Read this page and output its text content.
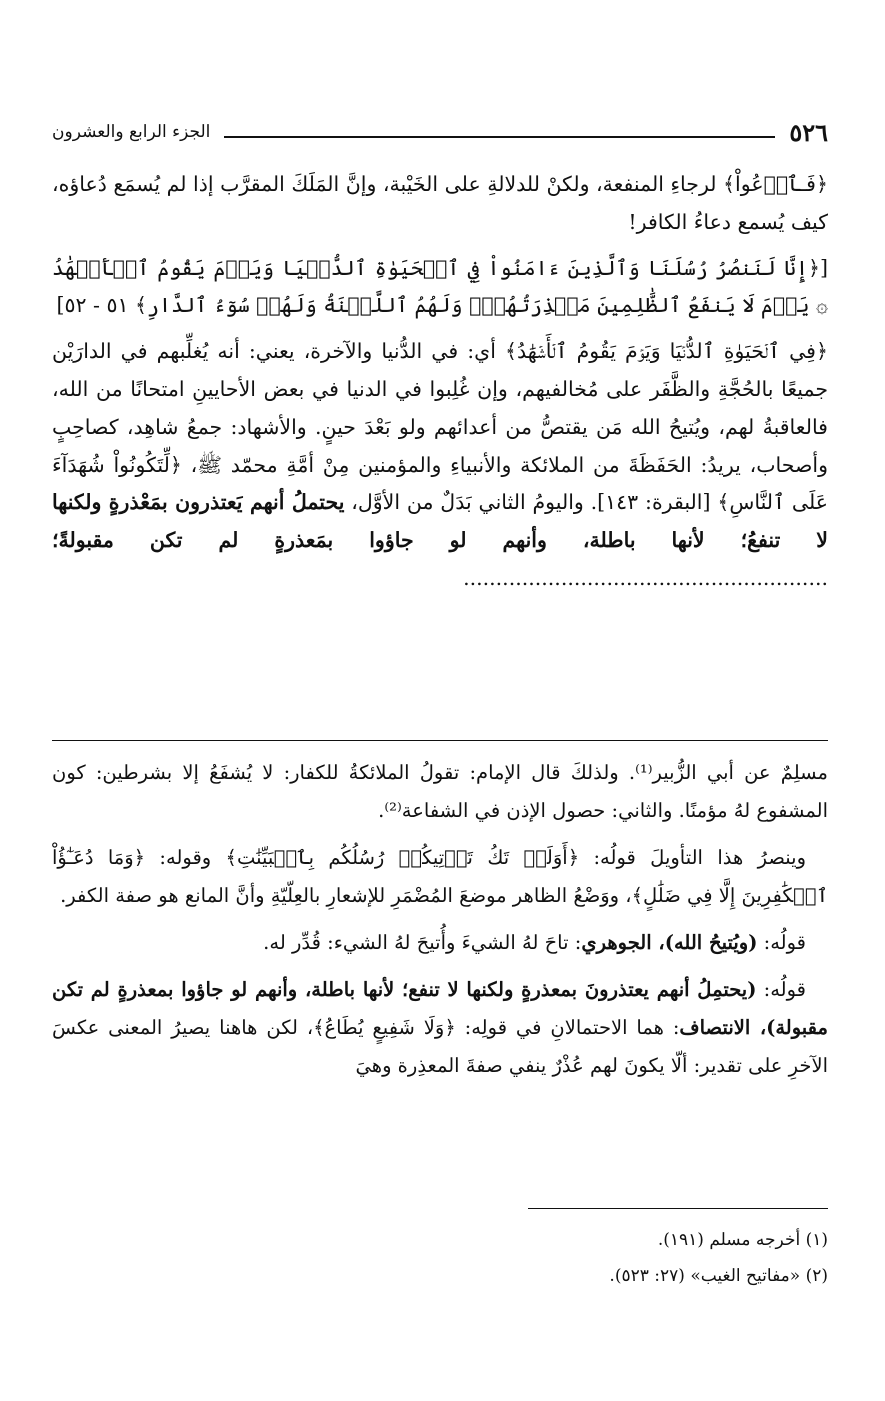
٥٢٦
الجزء الرابع والعشرون

﴿فَـٱدۡعُواْ﴾ لرجاءِ المنفعة، ولكنْ للدلالةِ على الخَيْبة، وإنَّ المَلَكَ المقرَّب إذا لم يُسمَع دُعاؤه، كيف يُسمع دعاءُ الكافر!

[﴿إِنَّا لَنَنصُرُ رُسُلَنَا وَٱلَّذِينَ ءَامَنُواْ فِي ٱلۡحَيَوٰةِ ٱلدُّنۡيَا وَيَوۡمَ يَقُومُ ٱلۡأَشۡهَٰدُ ۞ يَوۡمَ لَا يَنفَعُ ٱلظَّٰلِمِينَ مَعۡذِرَتُهُمۡۖ وَلَهُمُ ٱللَّعۡنَةُ وَلَهُمۡ سُوٓءُ ٱلدَّارِ﴾ ٥١ - ٥٢]

﴿فِي ٱلۡحَيَوٰةِ ٱلدُّنۡيَا وَيَوۡمَ يَقُومُ ٱلۡأَشۡهَٰدُ﴾ أي: في الدُّنيا والآخرة، يعني: أنه يُغلِّبهم في الدارَيْن جميعًا بالحُجَّةِ والظَّفَر على مُخالفيهم، وإن غُلِبوا في الدنيا في بعض الأحايينِ امتحانًا من الله، فالعاقبةُ لهم، ويُتيحُ الله مَن يقتصُّ من أعدائهم ولو بَعْدَ حينٍ. والأشهاد: جمعُ شاهِد، كصاحِبٍ وأصحاب، يريدُ: الحَفَظَةَ من الملائكة والأنبياءِ والمؤمنين مِنْ أمَّةِ محمّد ﷺ، ﴿لِّتَكُونُواْ شُهَدَآءَ عَلَى ٱلنَّاسِ﴾ [البقرة: ١٤٣]. واليومُ الثاني بَدَلٌ من الأوَّل، يحتملُ أنهم يَعتذرون بمَعْذرةٍ ولكنها لا تنفعُ؛ لأنها باطلة، وأنهم لو جاؤوا بمَعذرةٍ لم تكن مقبولةً؛ ........................................................

مسلِمٌ عن أبي الزُّبير⁽¹⁾. ولذلكَ قال الإمام: تقولُ الملائكةُ للكفار: لا يُشفَعُ إلا بشرطين: كون المشفوع لهُ مؤمنًا. والثاني: حصول الإذن في الشفاعة⁽²⁾.

وينصرُ هذا التأويلَ قولُه: ﴿أَوَلَمۡ تَكُ تَأۡتِيكُمۡ رُسُلُكُم بِٱلۡبَيِّنَٰتِ﴾ وقوله: ﴿وَمَا دُعَـٰٓؤُاْ ٱلۡكَٰفِرِينَ إِلَّا فِي ضَلَٰلٍ﴾، ووَضْعُ الظاهر موضعَ المُضْمَرِ للإشعارِ بالعِلّيّةِ وأنَّ المانع هو صفة الكفر.

قولُه: (ويُتيحُ الله)، الجوهري: تاحَ لهُ الشيءَ وأُتيحَ لهُ الشيء: قُدِّر له.

قولُه: (يحتمِلُ أنهم يعتذرونَ بمعذرةٍ ولكنها لا تنفع؛ لأنها باطلة، وأنهم لو جاؤوا بمعذرةٍ لم تكن مقبولة)، الانتصاف: هما الاحتمالانِ في قولِه: ﴿وَلَا شَفِيعٍ يُطَاعُ﴾، لكن هاهنا يصيرُ المعنى عكسَ الآخرِ على تقدير: ألّا يكونَ لهم عُذْرٌ ينفي صفةَ المعذِرة وهيَ

(١) أخرجه مسلم (١٩١).

(٢) «مفاتيح الغيب» (٢٧: ٥٢٣).
